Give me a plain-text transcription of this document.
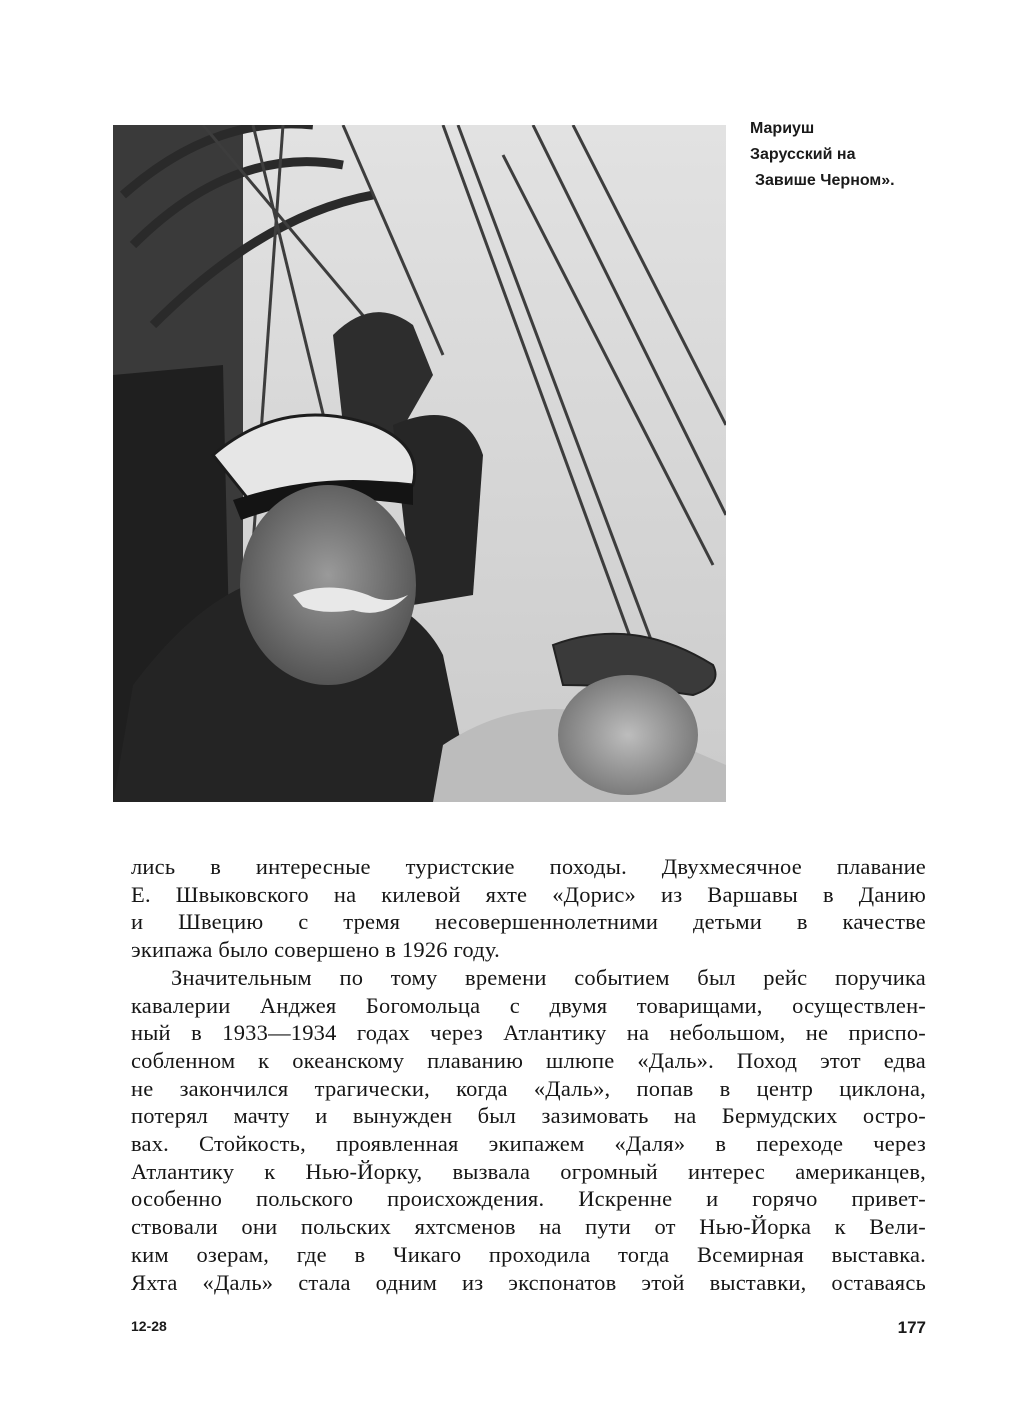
Мариуш
Зарусский на
Завише Черном».
лись в интересные туристские походы. Двухмесячное плавание
Е. Швыковского на килевой яхте «Дорис» из Варшавы в Данию
и Швецию с тремя несовершеннолетними детьми в качестве
экипажа было совершено в 1926 году.
Значительным по тому времени событием был рейс поручика
кавалерии Анджея Богомольца с двумя товарищами, осуществлен-
ный в 1933—1934 годах через Атлантику на небольшом, не приспо-
собленном к океанскому плаванию шлюпе «Даль». Поход этот едва
не закончился трагически, когда «Даль», попав в центр циклона,
потерял мачту и вынужден был зазимовать на Бермудских остро-
вах. Стойкость, проявленная экипажем «Даля» в переходе через
Атлантику к Нью-Йорку, вызвала огромный интерес американцев,
особенно польского происхождения. Искренне и горячо привет-
ствовали они польских яхтсменов на пути от Нью-Йорка к Вели-
ким озерам, где в Чикаго проходила тогда Всемирная выставка.
Яхта «Даль» стала одним из экспонатов этой выставки, оставаясь
12-28	177
